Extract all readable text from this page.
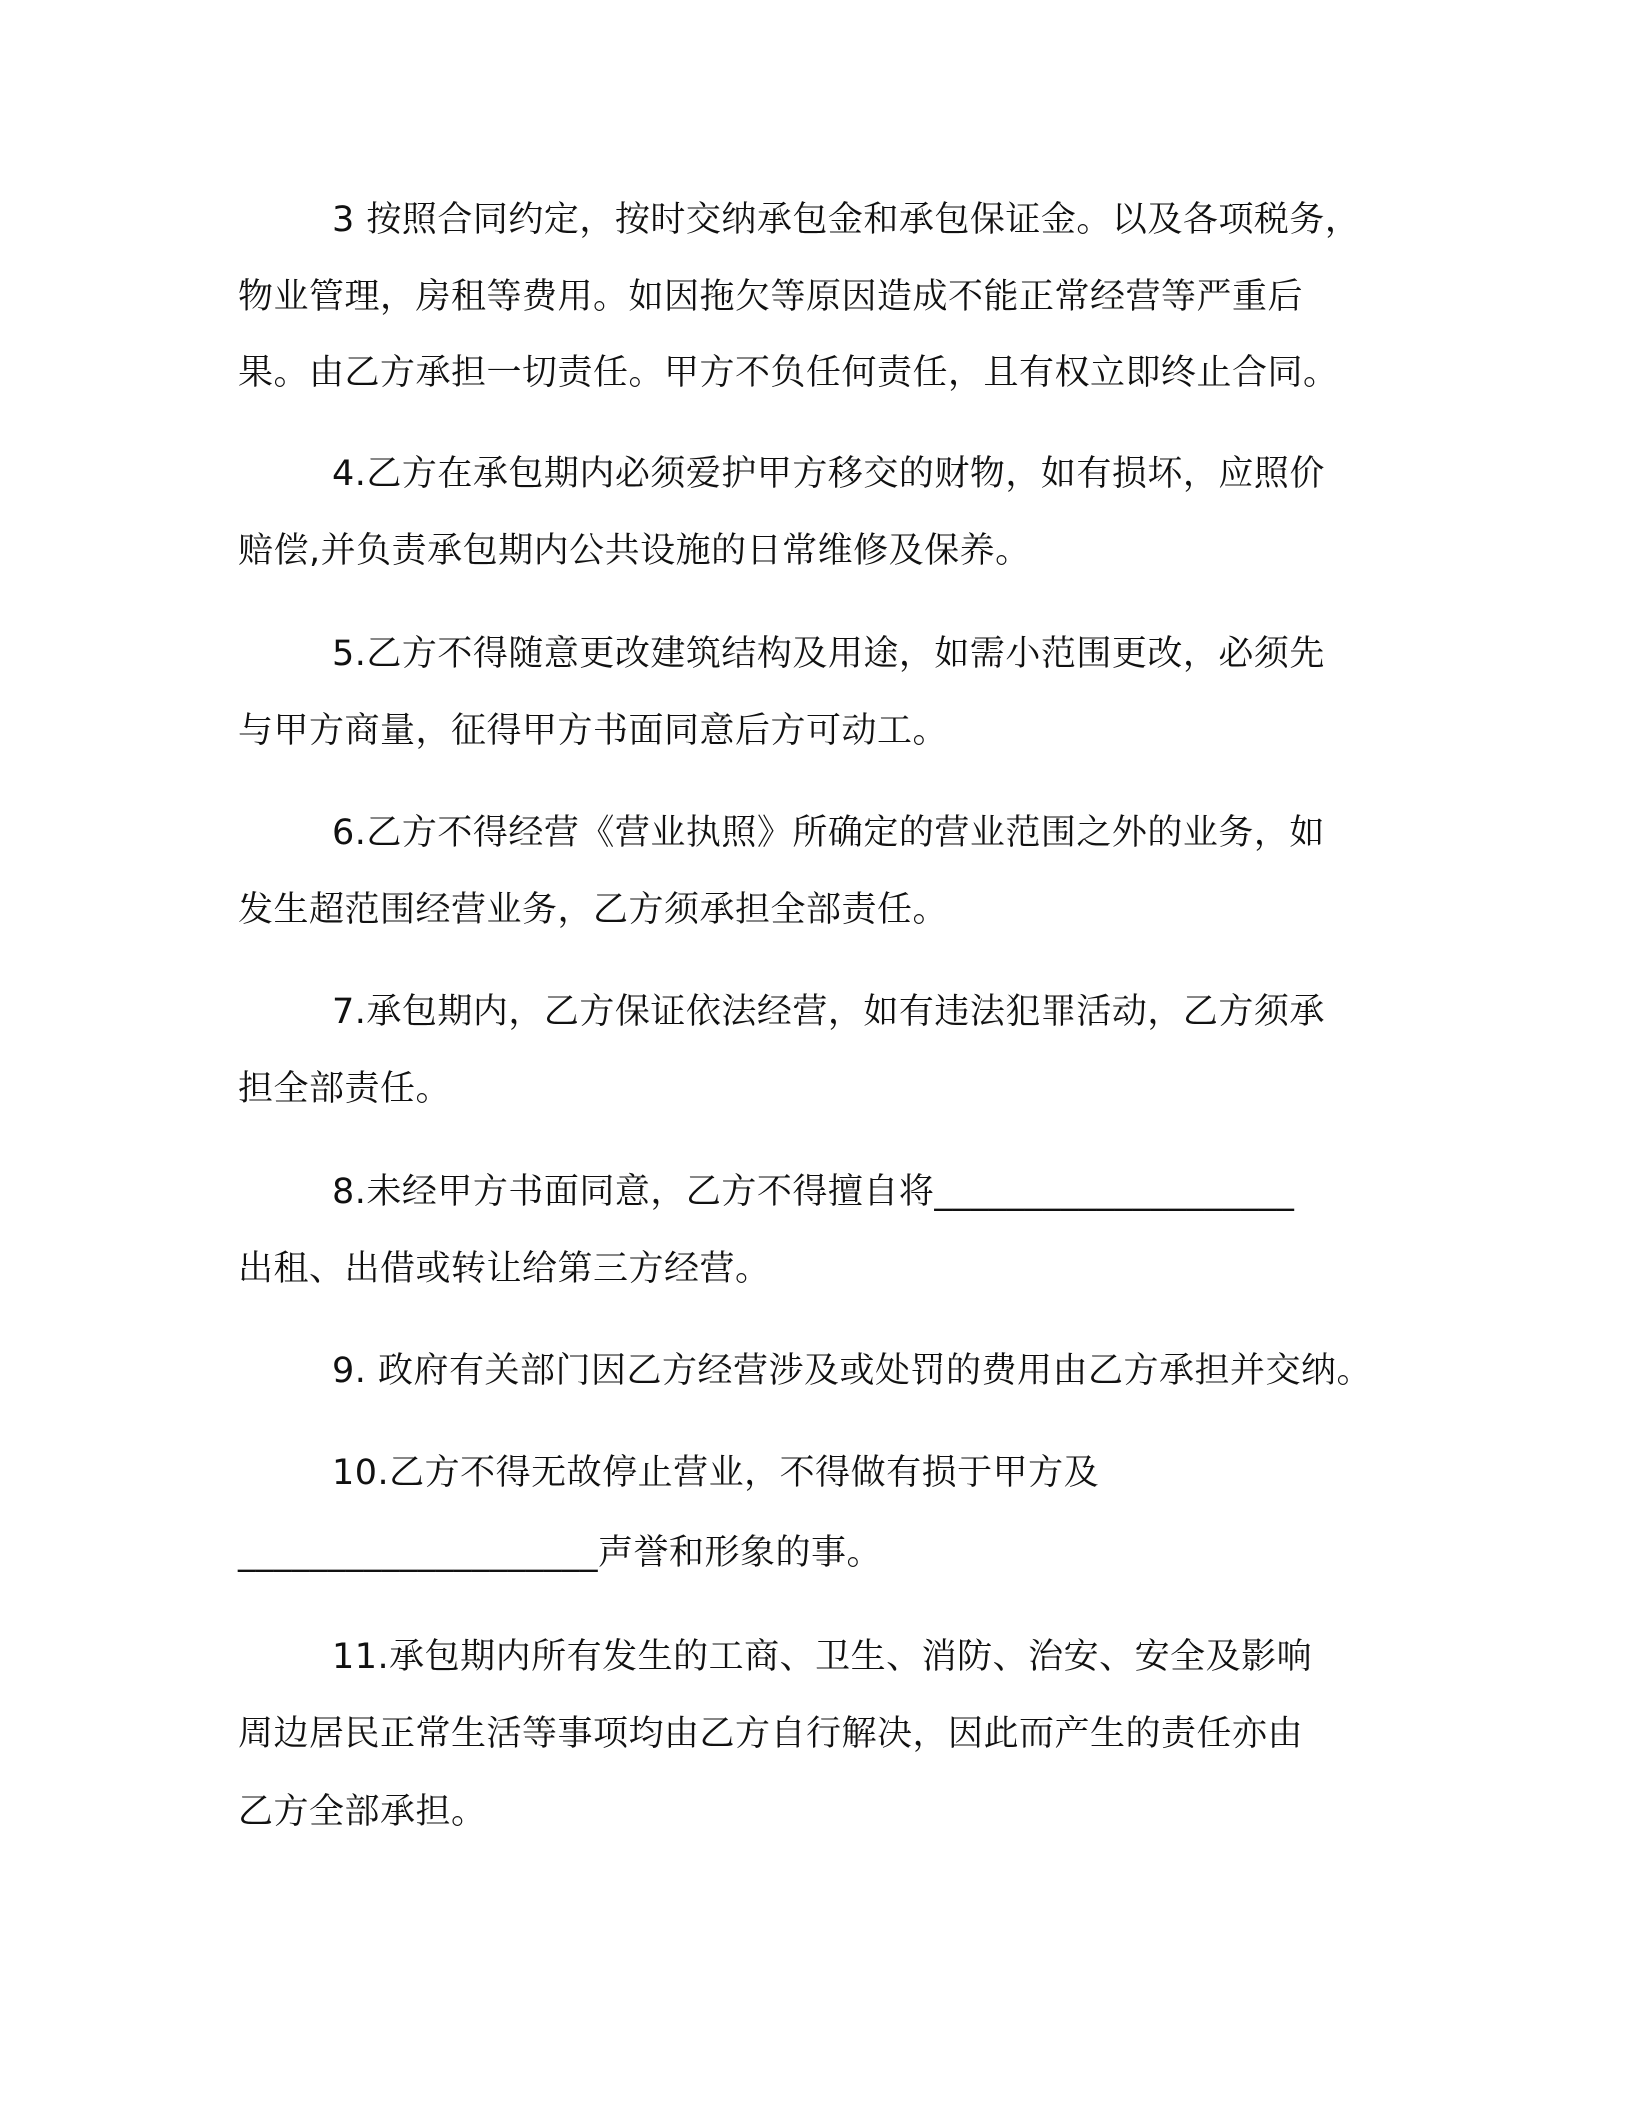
3 按照合同约定，按时交纳承包金和承包保证金。以及各项税务，
物业管理，房租等费用。如因拖欠等原因造成不能正常经营等严重后
果。由乙方承担一切责任。甲方不负任何责任，且有权立即终止合同。
4.乙方在承包期内必须爱护甲方移交的财物，如有损坏，应照价
赔偿,并负责承包期内公共设施的日常维修及保养。
5.乙方不得随意更改建筑结构及用途，如需小范围更改，必须先
与甲方商量，征得甲方书面同意后方可动工。
6.乙方不得经营《营业执照》所确定的营业范围之外的业务，如
发生超范围经营业务，乙方须承担全部责任。
7.承包期内，乙方保证依法经营，如有违法犯罪活动，乙方须承
担全部责任。
8.未经甲方书面同意，乙方不得擅自将____________________
出租、出借或转让给第三方经营。
9. 政府有关部门因乙方经营涉及或处罚的费用由乙方承担并交纳。
10.乙方不得无故停止营业，不得做有损于甲方及
____________________声誉和形象的事。
11.承包期内所有发生的工商、卫生、消防、治安、安全及影响
周边居民正常生活等事项均由乙方自行解决，因此而产生的责任亦由
乙方全部承担。
